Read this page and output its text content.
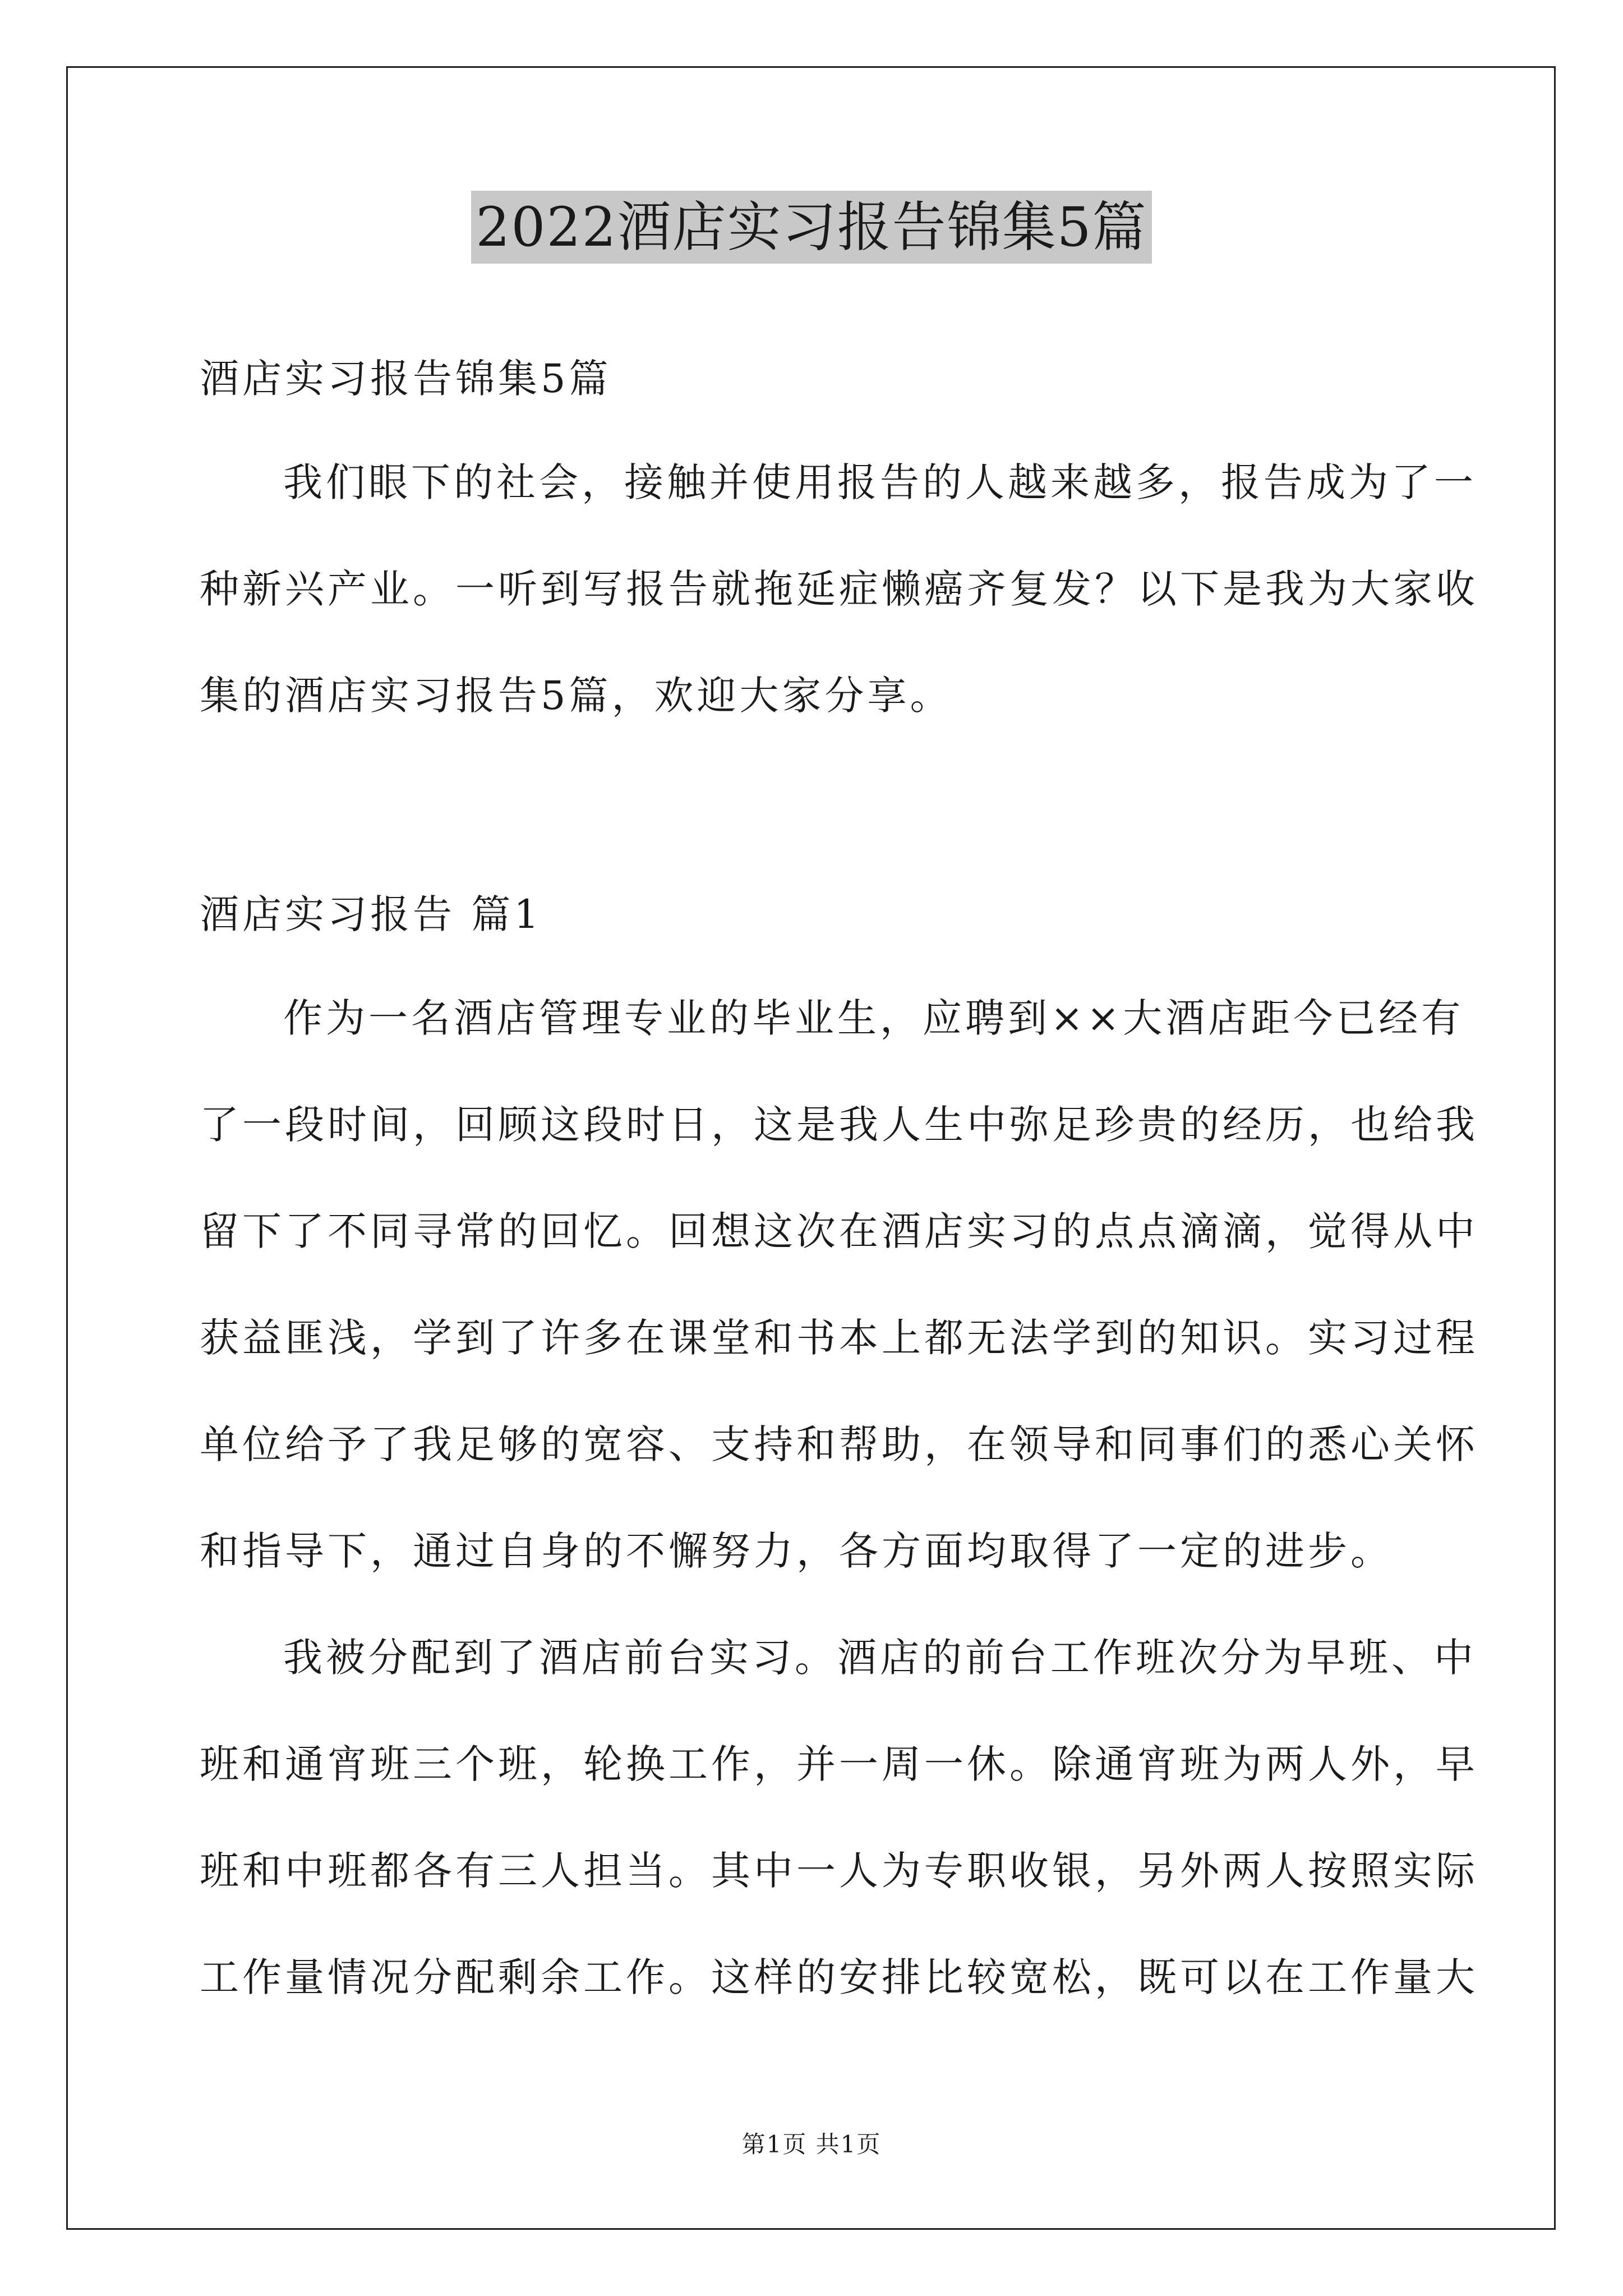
2022酒店实习报告锦集5篇
酒店实习报告锦集5篇
我们眼下的社会，接触并使用报告的人越来越多，报告成为了一
种新兴产业。一听到写报告就拖延症懒癌齐复发？以下是我为大家收
集的酒店实习报告5篇，欢迎大家分享。
酒店实习报告 篇1
作为一名酒店管理专业的毕业生，应聘到××大酒店距今已经有
了一段时间，回顾这段时日，这是我人生中弥足珍贵的经历，也给我
留下了不同寻常的回忆。回想这次在酒店实习的点点滴滴，觉得从中
获益匪浅，学到了许多在课堂和书本上都无法学到的知识。实习过程
单位给予了我足够的宽容、支持和帮助，在领导和同事们的悉心关怀
和指导下，通过自身的不懈努力，各方面均取得了一定的进步。
我被分配到了酒店前台实习。酒店的前台工作班次分为早班、中
班和通宵班三个班，轮换工作，并一周一休。除通宵班为两人外，早
班和中班都各有三人担当。其中一人为专职收银，另外两人按照实际
工作量情况分配剩余工作。这样的安排比较宽松，既可以在工作量大
第1页 共1页
